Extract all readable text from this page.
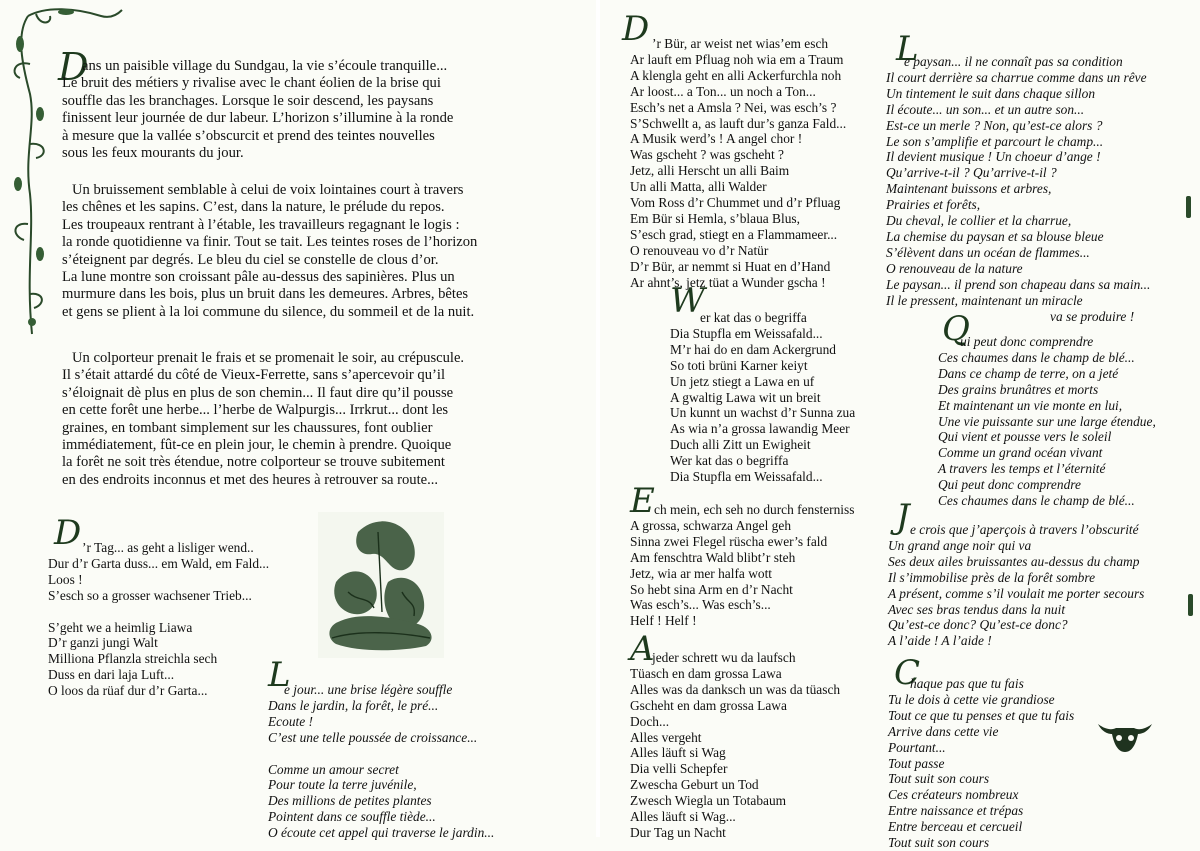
D
ans un paisible village du Sundgau, la vie s’écoule tranquille...
Le bruit des métiers y rivalise avec le chant éolien de la brise qui
souffle das les branchages. Lorsque le soir descend, les paysans
finissent leur journée de dur labeur. L’horizon s’illumine à la ronde
à mesure que la vallée s’obscurcit et prend des teintes nouvelles
sous les feux mourants du jour.
Un bruissement semblable à celui de voix lointaines court à travers
les chênes et les sapins. C’est, dans la nature, le prélude du repos.
Les troupeaux rentrant à l’étable, les travailleurs regagnant le logis :
la ronde quotidienne va finir. Tout se tait. Les teintes roses de l’horizon
s’éteignent par degrés. Le bleu du ciel se constelle de clous d’or.
La lune montre son croissant pâle au-dessus des sapinières. Plus un
murmure dans les bois, plus un bruit dans les demeures. Arbres, bêtes
et gens se plient à la loi commune du silence, du sommeil et de la nuit.
Un colporteur prenait le frais et se promenait le soir, au crépuscule.
Il s’était attardé du côté de Vieux-Ferrette, sans s’apercevoir qu’il
s’éloignait dè plus en plus de son chemin... Il faut dire qu’il pousse
en cette forêt une herbe... l’herbe de Walpurgis... Irrkrut... dont les
graines, en tombant simplement sur les chaussures, font oublier
immédiatement, fût-ce en plein jour, le chemin à prendre. Quoique
la forêt ne soit très étendue, notre colporteur se trouve subitement
en des endroits inconnus et met des heures à retrouver sa route...
D ’r Tag... as geht a lisliger wend..
Dur d’r Garta duss... em Wald, em Fald...
Loos !
S’esch so a grosser wachsener Trieb...
S’geht we a heimlig Liawa
D’r ganzi jungi Walt
Milliona Pflanzla streichla sech
Duss en dari laja Luft...
O loos da rüaf dur d’r Garta...	L
e jour... une brise légère souffle
Dans le jardin, la forêt, le pré...
Ecoute !
C’est une telle poussée de croissance...
Comme un amour secret
Pour toute la terre juvénile,
Des millions de petites plantes
Pointent dans ce souffle tiède...
O écoute cet appel qui traverse le jardin...
D ’r Bür, ar weist net wias’em esch
Ar lauft em Pfluag noh wia em a Traum
A klengla geht en alli Ackerfurchla noh
Ar loost... a Ton... un noch a Ton...
Esch’s net a Amsla ? Nei, was esch’s ?
S’Schwellt a, as lauft dur’s ganza Fald...
A Musik werd’s ! A angel chor !
Was gscheht ? was gscheht ?
Jetz, alli Herscht un alli Baim
Un alli Matta, alli Walder
Vom Ross d’r Chummet und d’r Pfluag
Em Bür si Hemla, s’blaua Blus,
S’esch grad, stiegt en a Flammameer...
O renouveau vo d’r Natür
D’r Bür, ar nemmt si Huat en d’Hand
Ar ahnt’s, jetz tüat a Wunder gscha !
L
e paysan... il ne connaît pas sa condition
Il court derrière sa charrue comme dans un rêve
Un tintement le suit dans chaque sillon
Il écoute... un son... et un autre son...
Est-ce un merle ? Non, qu’est-ce alors ?
Le son s’amplifie et parcourt le champ...
Il devient musique ! Un choeur d’ange !
Qu’arrive-t-il ? Qu’arrive-t-il ?
Maintenant buissons et arbres,
Prairies et forêts,
Du cheval, le collier et la charrue,
La chemise du paysan et sa blouse bleue
S’élèvent dans un océan de flammes...
O renouveau de la nature
Le paysan... il prend son chapeau dans sa main...
Il le pressent, maintenant un miracle
va se produire !
W
er kat das o begriffa
Dia Stupfla em Weissafald...
M’r hai do en dam Ackergrund
So toti brüni Karner keiyt
Un jetz stiegt a Lawa en uf
A gwaltig Lawa wit un breit
Un kunnt un wachst d’r Sunna zua
As wia n’a grossa lawandig Meer
Duch alli Zitt un Ewigheit
Wer kat das o begriffa
Dia Stupfla em Weissafald...
Q
ui peut donc comprendre
Ces chaumes dans le champ de blé...
Dans ce champ de terre, on a jeté
Des grains brunâtres et morts
Et maintenant un vie monte en lui,
Une vie puissante sur une large étendue,
Qui vient et pousse vers le soleil
Comme un grand océan vivant
A travers les temps et l’éternité
Qui peut donc comprendre
Ces chaumes dans le champ de blé...
E ch mein, ech seh no durch fensterniss
A grossa, schwarza Angel geh
Sinna zwei Flegel rüscha ewer’s fald
Am fenschtra Wald blibt’r steh
Jetz, wia ar mer halfa wott
So hebt sina Arm en d’r Nacht
Was esch’s... Was esch’s...
Helf ! Helf !
J e crois que j’aperçois à travers l’obscurité
Un grand ange noir qui va
Ses deux ailes bruissantes au-dessus du champ
Il s’immobilise près de la forêt sombre
A présent, comme s’il voulait me porter secours
Avec ses bras tendus dans la nuit
Qu’est-ce donc? Qu’est-ce donc?
A l’aide ! A l’aide !
A
jeder schrett wu da laufsch
Tüasch en dam grossa Lawa
Alles was da danksch un was da tüasch
Gscheht en dam grossa Lawa
Doch...
Alles vergeht
Alles läuft si Wag
Dia velli Schepfer
Zwescha Geburt un Tod
Zwesch Wiegla un Totabaum
Alles läuft si Wag...
Dur Tag un Nacht
C
haque pas que tu fais
Tu le dois à cette vie grandiose
Tout ce que tu penses et que tu fais
Arrive dans cette vie
Pourtant...
Tout passe
Tout suit son cours
Ces créateurs nombreux
Entre naissance et trépas
Entre berceau et cercueil
Tout suit son cours
